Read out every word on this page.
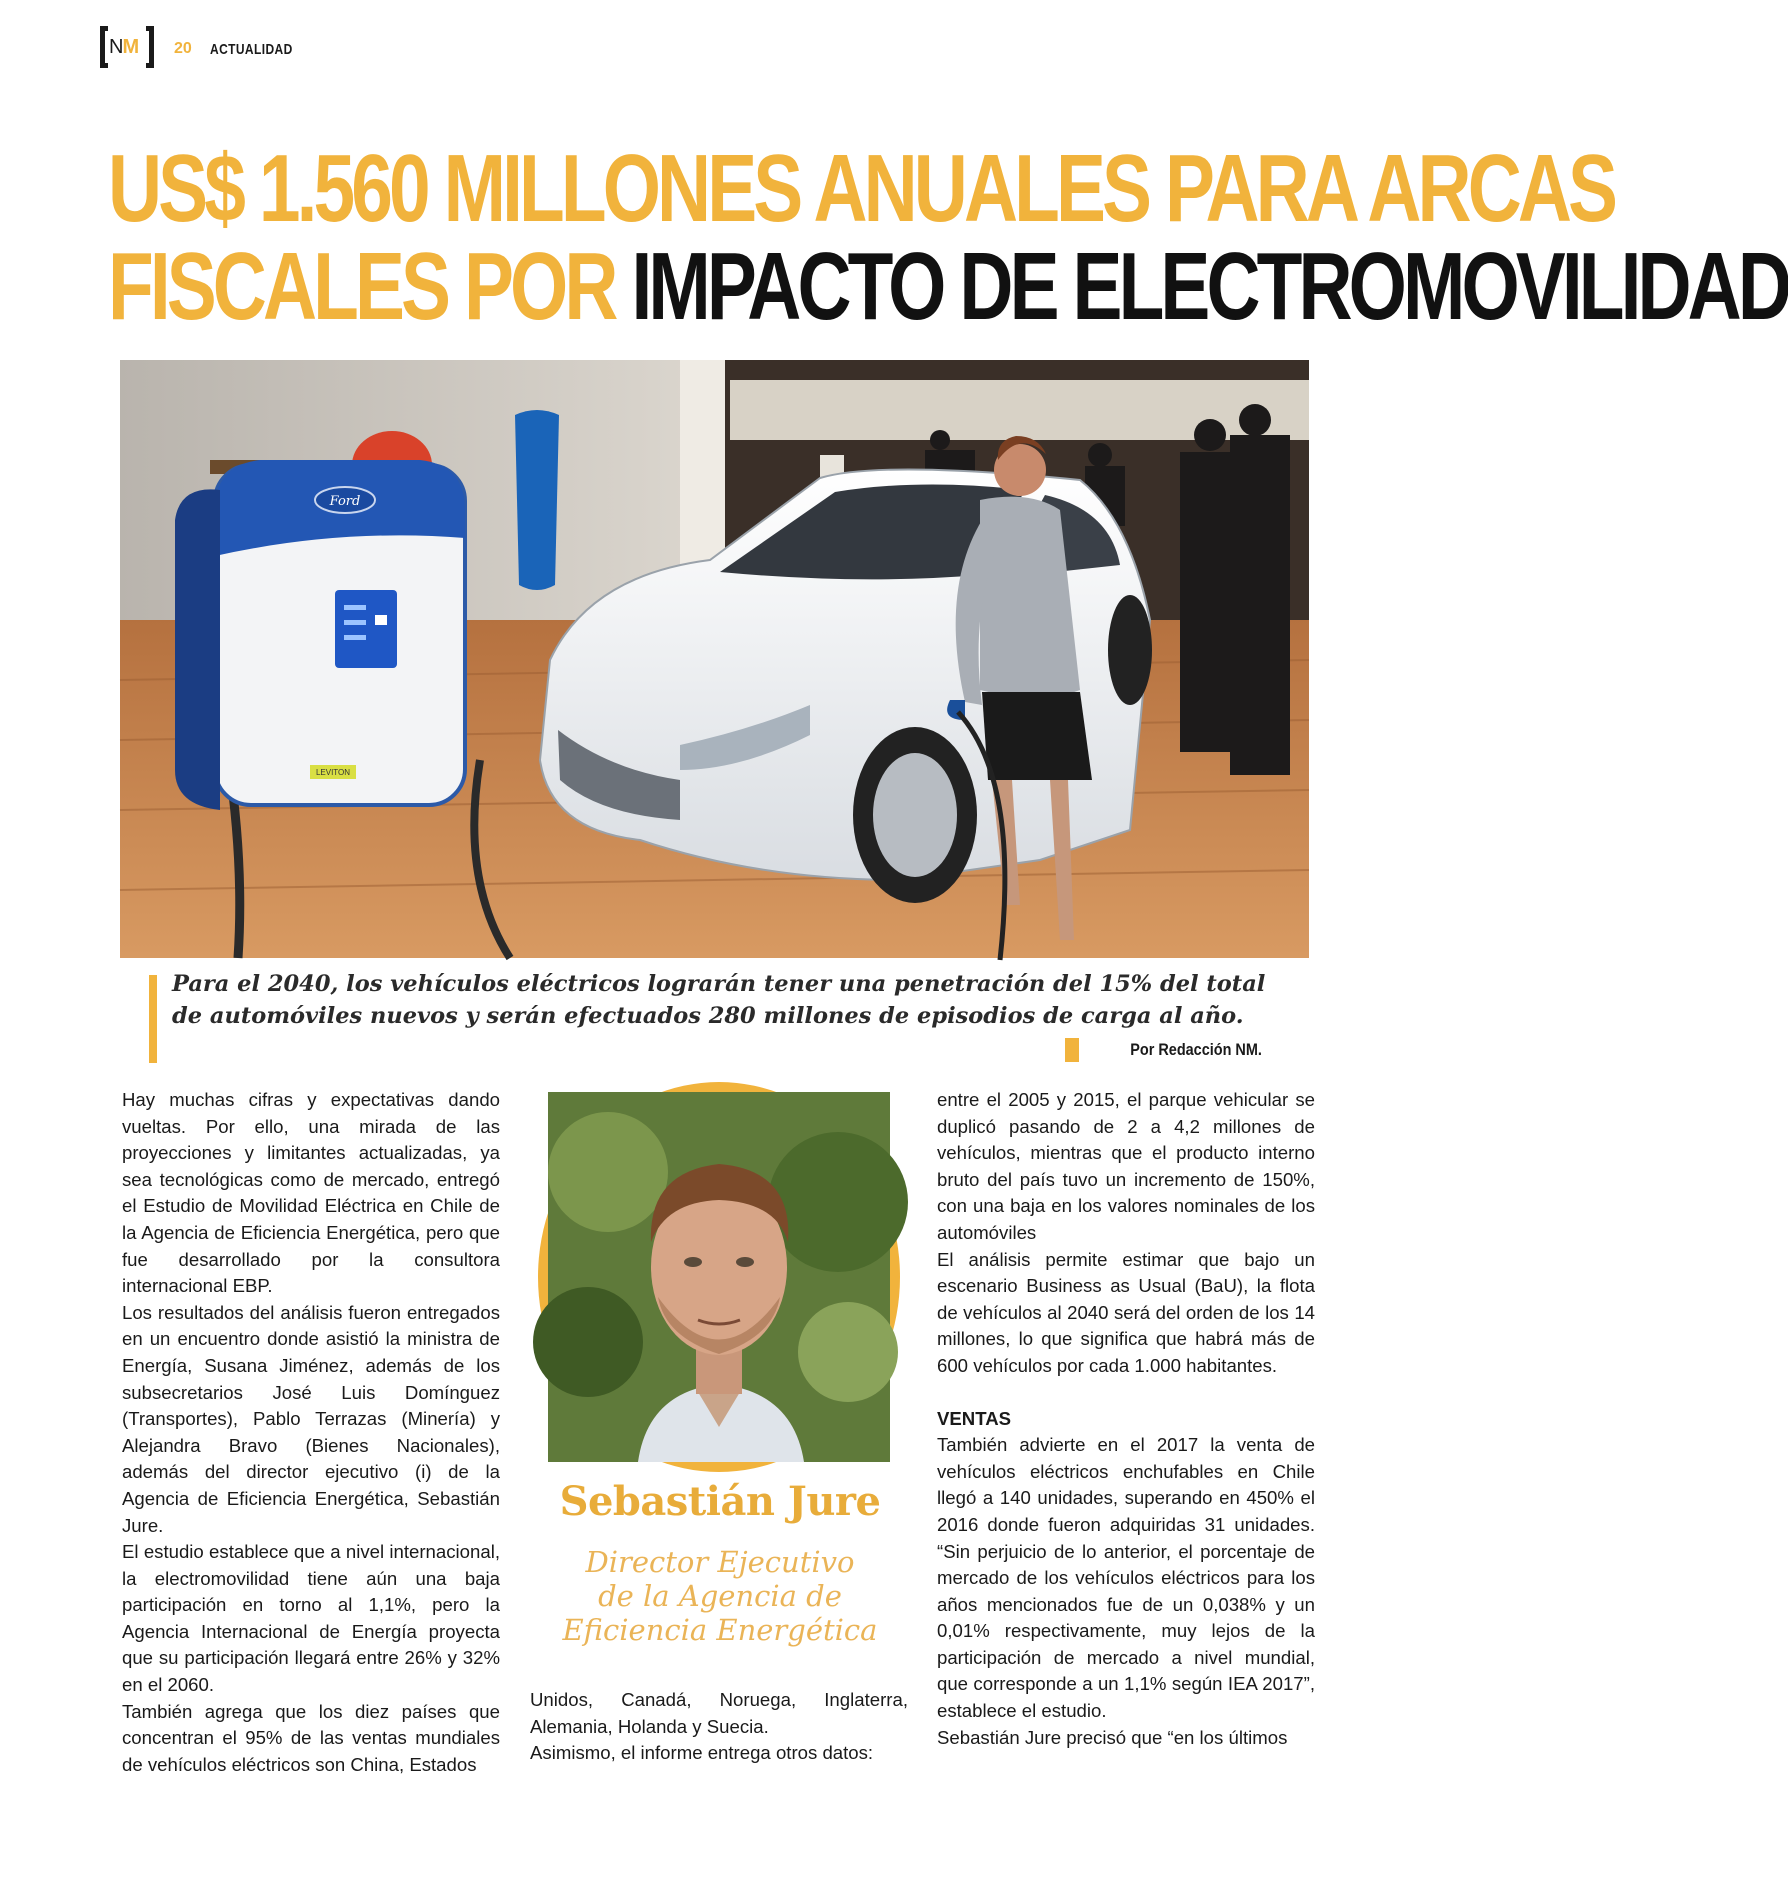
NM 20 ACTUALIDAD
US$ 1.560 MILLONES ANUALES PARA ARCAS
FISCALES POR IMPACTO DE ELECTROMOVILIDAD
Ford
LEVITON
Para el 2040, los vehículos eléctricos lograrán tener una penetración del 15% del total de automóviles nuevos y serán efectuados 280 millones de episodios de carga al año.
Por Redacción NM.

Hay muchas cifras y expectativas dando vueltas. Por ello, una mirada de las proyecciones y limitantes actualizadas, ya sea tecnológicas como de mercado, entregó el Estudio de Movilidad Eléctrica en Chile de la Agencia de Eficiencia Energética, pero que fue desarrollado por la consultora internacional EBP.

Los resultados del análisis fueron entregados en un encuentro donde asistió la ministra de Energía, Susana Jiménez, además de los subsecretarios José Luis Domínguez (Transportes), Pablo Terrazas (Minería) y Alejandra Bravo (Bienes Nacionales), además del director ejecutivo (i) de la Agencia de Eficiencia Energética, Sebastián Jure.

El estudio establece que a nivel internacional, la electromovilidad tiene aún una baja participación en torno al 1,1%, pero la Agencia Internacional de Energía proyecta que su participación llegará entre 26% y 32% en el 2060.

También agrega que los diez países que concentran el 95% de las ventas mundiales de vehículos eléctricos son China, Estados

Sebastián Jure
Director Ejecutivo
de la Agencia de
Eficiencia Energética

Unidos, Canadá, Noruega, Inglaterra, Alemania, Holanda y Suecia.

Asimismo, el informe entrega otros datos:

entre el 2005 y 2015, el parque vehicular se duplicó pasando de 2 a 4,2 millones de vehículos, mientras que el producto interno bruto del país tuvo un incremento de 150%, con una baja en los valores nominales de los automóviles

El análisis permite estimar que bajo un escenario Business as Usual (BaU), la flota de vehículos al 2040 será del orden de los 14 millones, lo que significa que habrá más de 600 vehículos por cada 1.000 habitantes.

VENTAS

También advierte en el 2017 la venta de vehículos eléctricos enchufables en Chile llegó a 140 unidades, superando en 450% el 2016 donde fueron adquiridas 31 unidades. “Sin perjuicio de lo anterior, el porcentaje de mercado de los vehículos eléctricos para los años mencionados fue de un 0,038% y un 0,01% respectivamente, muy lejos de la participación de mercado a nivel mundial, que corresponde a un 1,1% según IEA 2017”, establece el estudio.

Sebastián Jure precisó que “en los últimos
